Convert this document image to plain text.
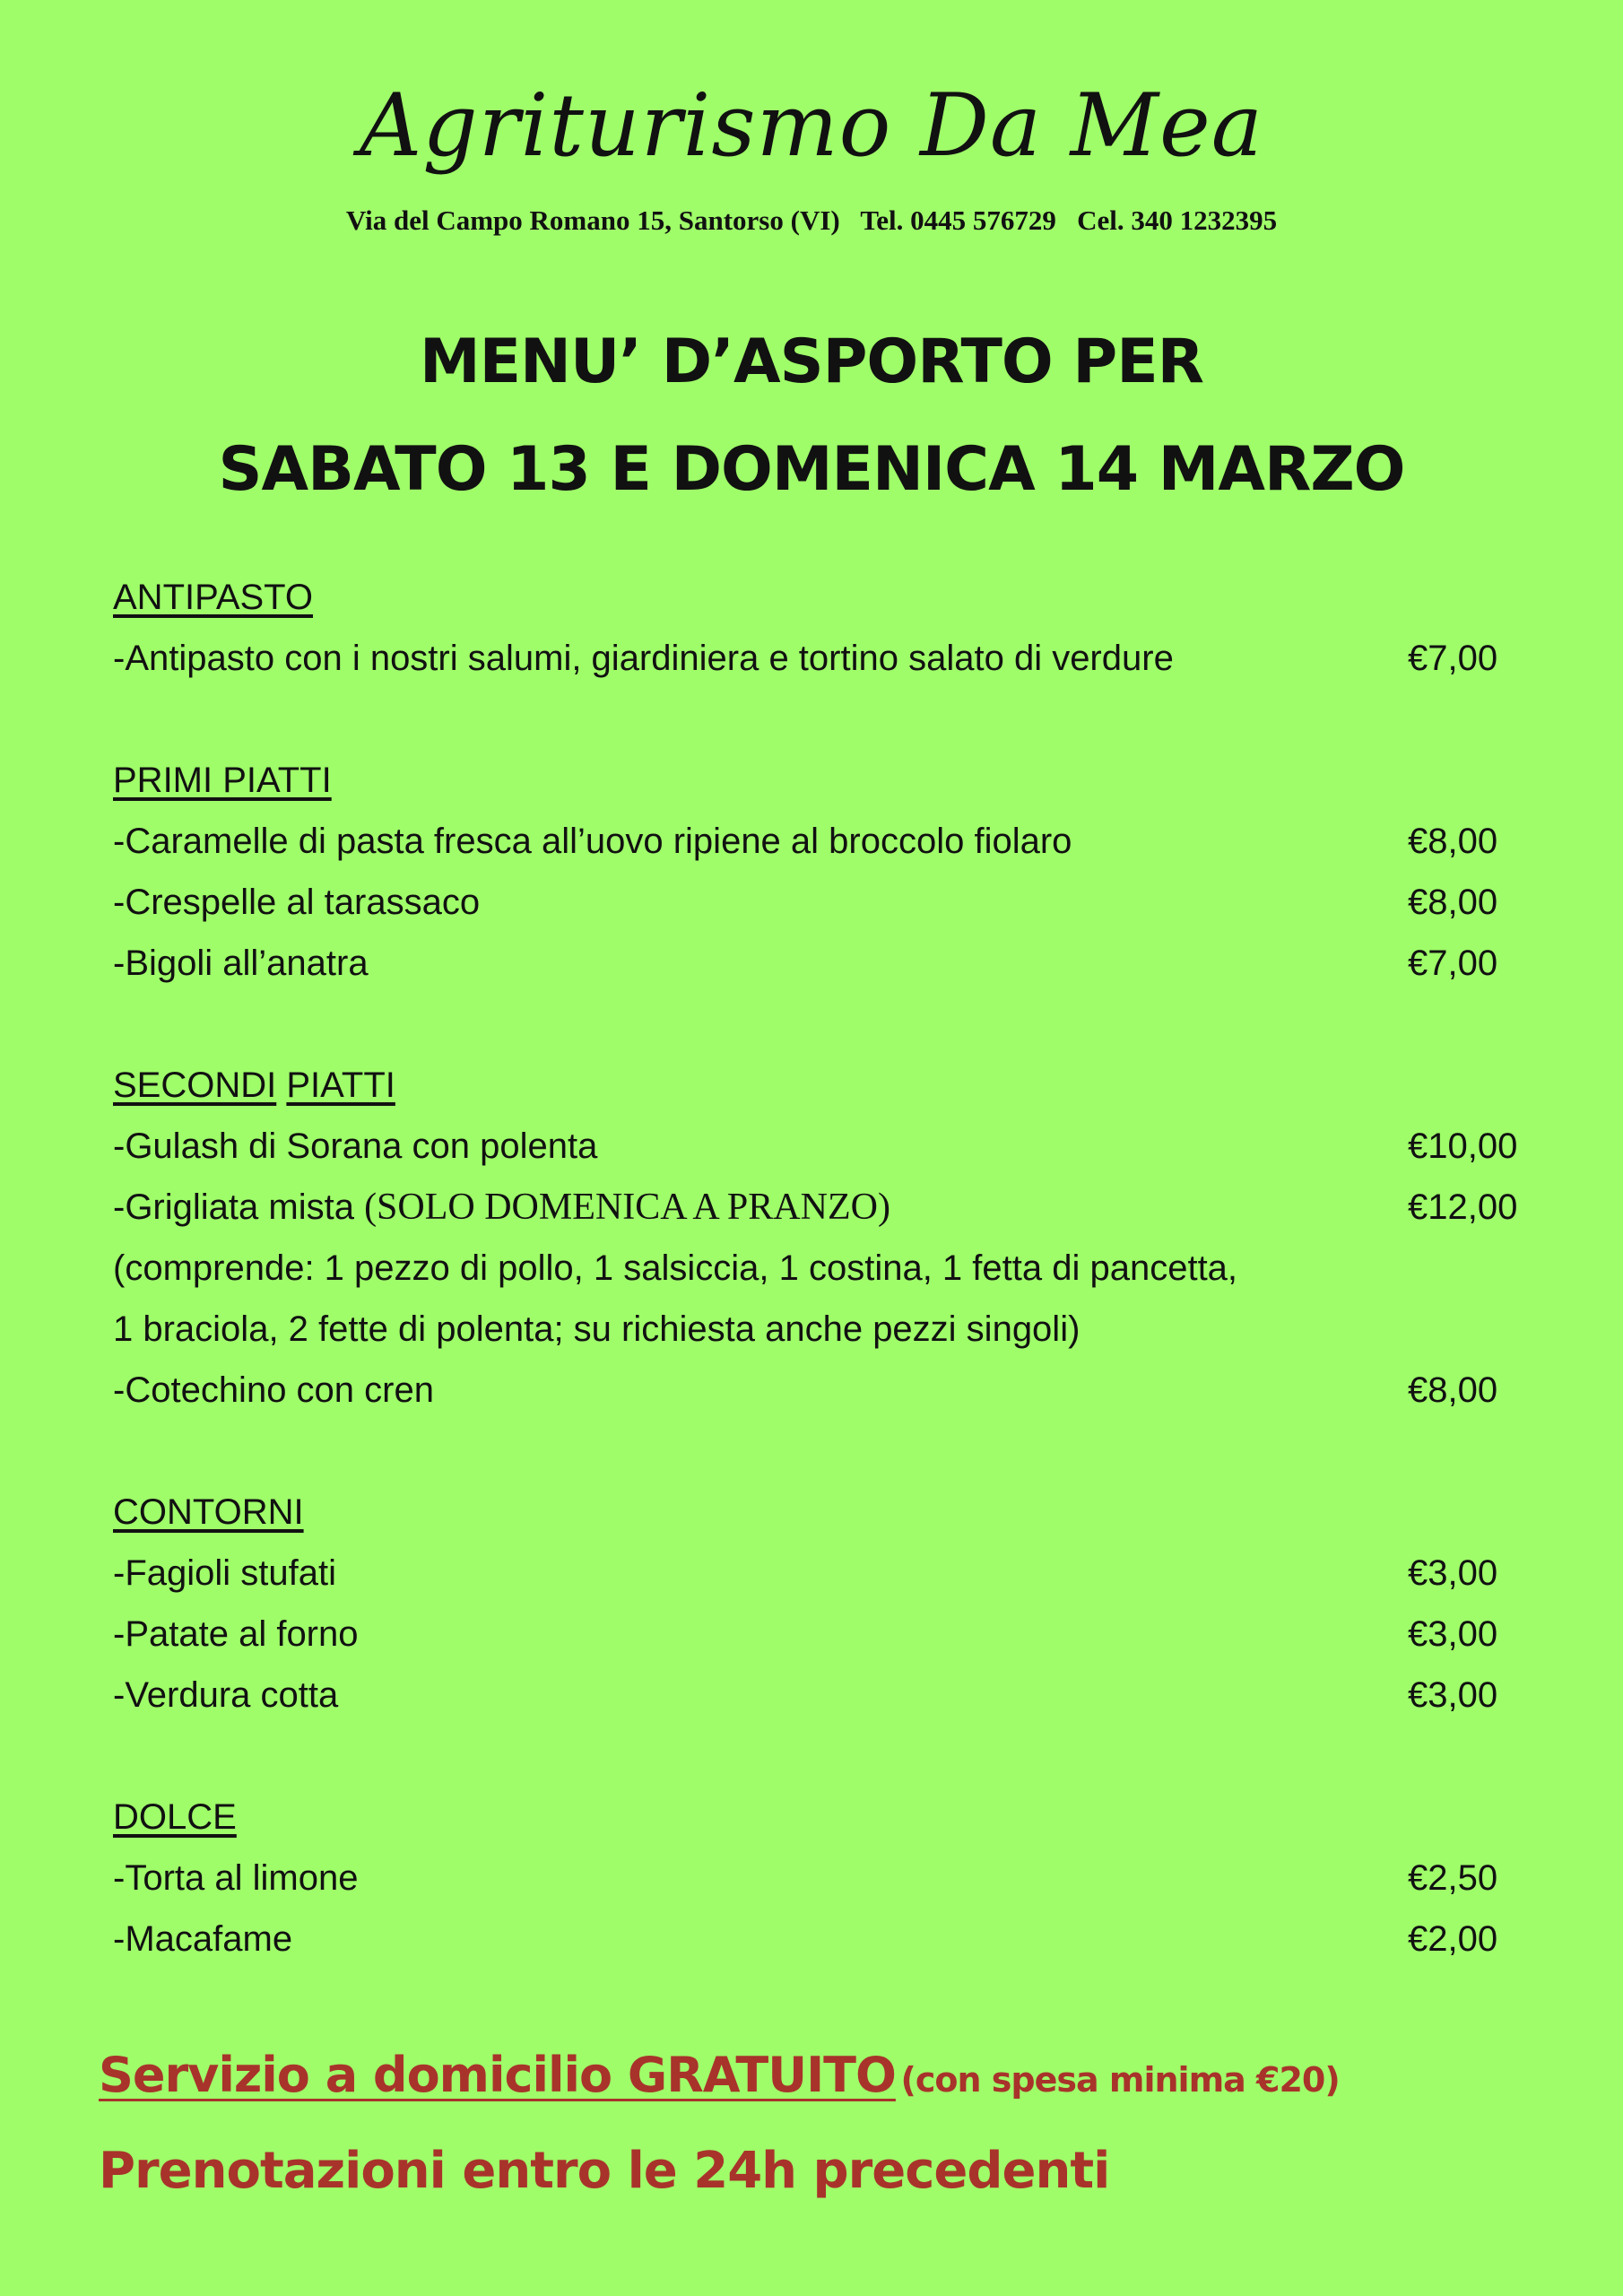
Agriturismo Da Mea
Via del Campo Romano 15, Santorso (VI)   Tel. 0445 576729   Cel. 340 1232395
MENU’ D’ASPORTO PER
SABATO 13 E DOMENICA 14 MARZO
ANTIPASTO
-Antipasto con i nostri salumi, giardiniera e tortino salato di verdure	€7,00
PRIMI PIATTI
-Caramelle di pasta fresca all’uovo ripiene al broccolo fiolaro	€8,00
-Crespelle al tarassaco	€8,00
-Bigoli all’anatra	€7,00
SECONDI PIATTI
-Gulash di Sorana con polenta	€10,00
-Grigliata mista (SOLO DOMENICA A PRANZO)	€12,00
(comprende: 1 pezzo di pollo, 1 salsiccia, 1 costina, 1 fetta di pancetta,
1 braciola, 2 fette di polenta; su richiesta anche pezzi singoli)
-Cotechino con cren	€8,00
CONTORNI
-Fagioli stufati	€3,00
-Patate al forno	€3,00
-Verdura cotta	€3,00
DOLCE
-Torta al limone	€2,50
-Macafame	€2,00
Servizio a domicilio GRATUITO (con spesa minima €20)
Prenotazioni entro le 24h precedenti
